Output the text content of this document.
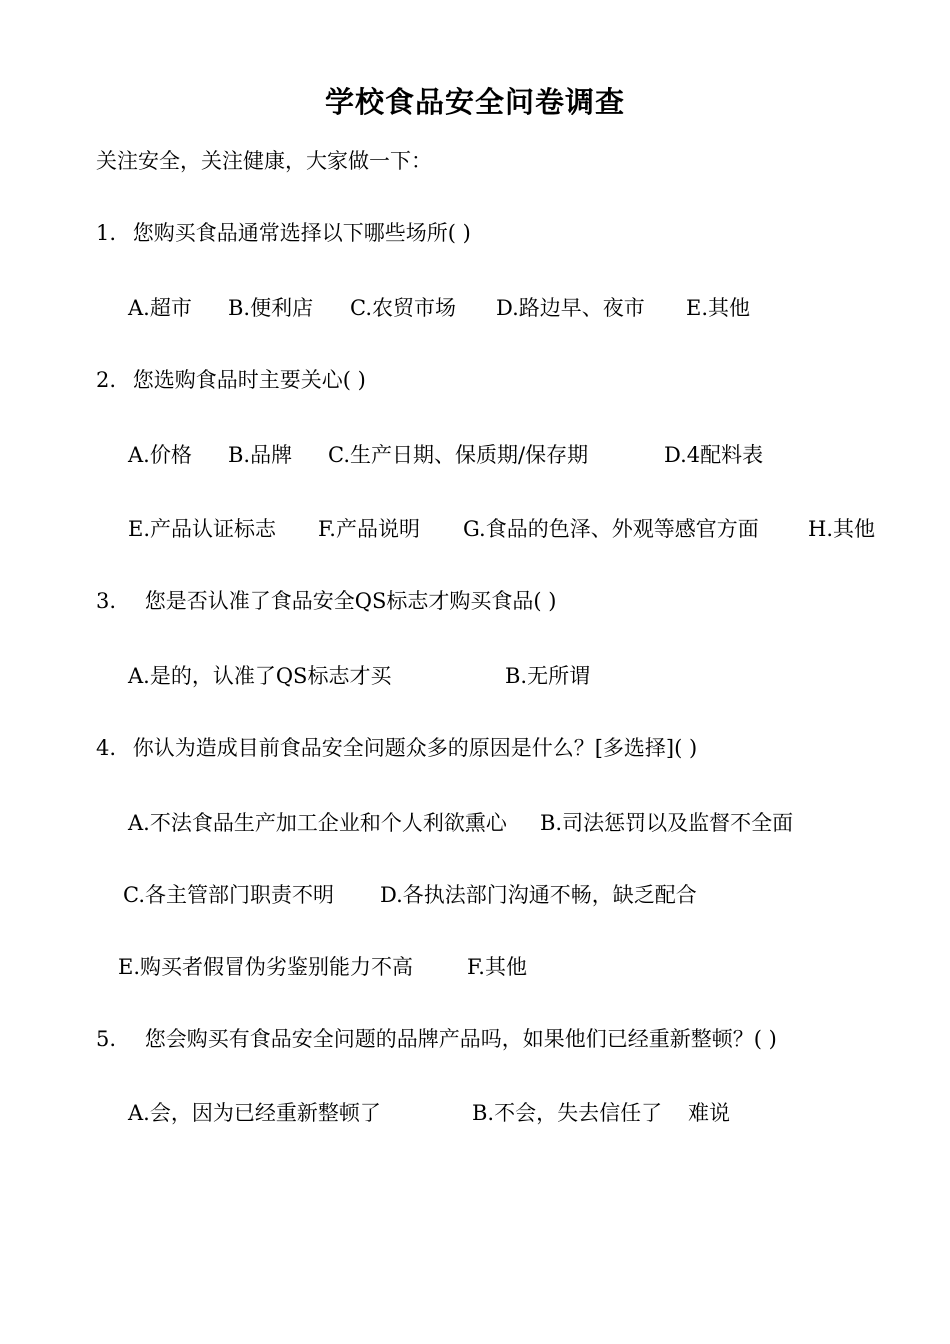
学校食品安全问卷调查
关注安全，关注健康，大家做一下：
1. 您购买食品通常选择以下哪些场所( )
A.超市 B.便利店 C.农贸市场 D.路边早、夜市 E.其他
2. 您选购食品时主要关心( )
A.价格 B.品牌 C.生产日期、保质期/保存期	D.4配料表
E.产品认证标志 F.产品说明 G.食品的色泽、外观等感官方面 H.其他
3. 您是否认准了食品安全QS标志才购买食品( )
A.是的，认准了QS标志才买	B.无所谓
4. 你认为造成目前食品安全问题众多的原因是什么？[多选择]( )
A.不法食品生产加工企业和个人利欲熏心 B.司法惩罚以及监督不全面
C.各主管部门职责不明 D.各执法部门沟通不畅，缺乏配合
E.购买者假冒伪劣鉴别能力不高	F.其他
5. 您会购买有食品安全问题的品牌产品吗，如果他们已经重新整顿？( )
A.会，因为已经重新整顿了	B.不会，失去信任了 难说
